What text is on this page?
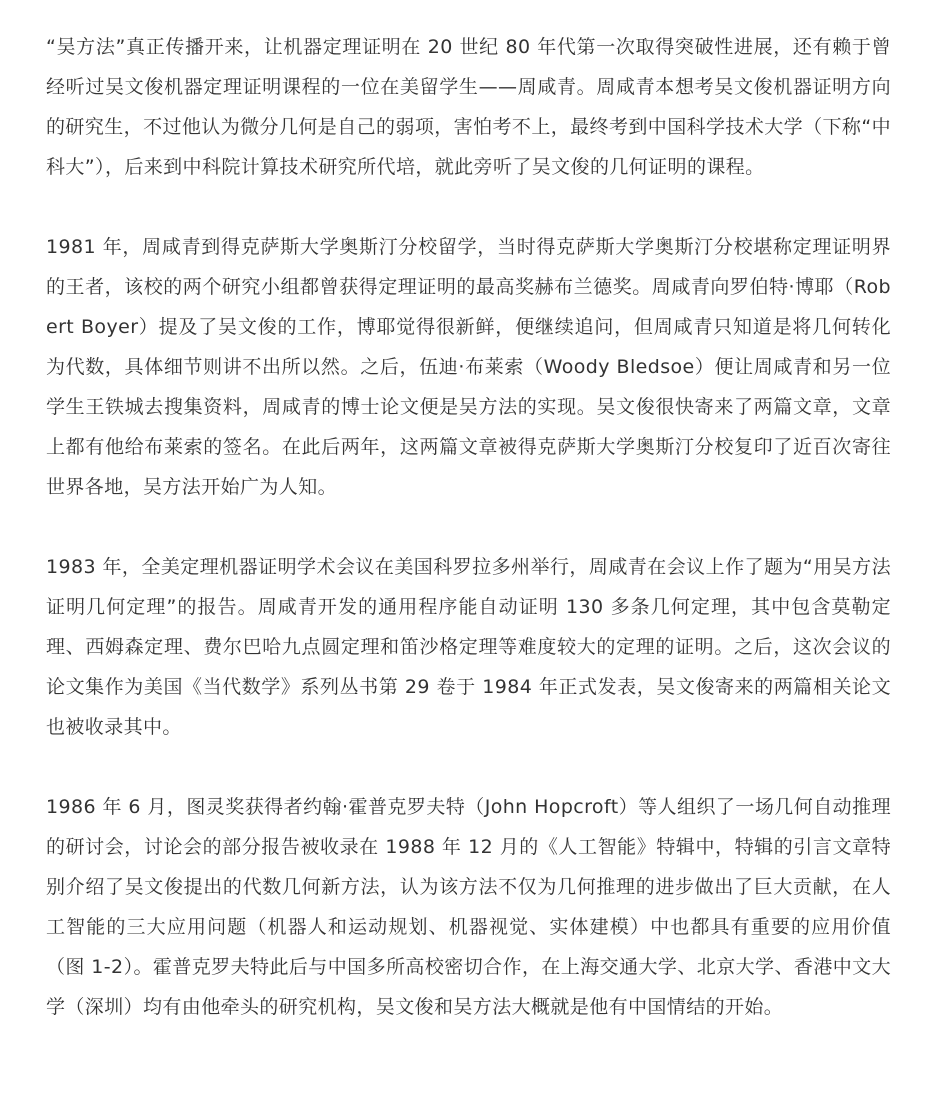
“吴方法”真正传播开来，让机器定理证明在 20 世纪 80 年代第一次取得突破性进展，还有赖于曾经听过吴文俊机器定理证明课程的一位在美留学生——周咸青。周咸青本想考吴文俊机器证明方向的研究生，不过他认为微分几何是自己的弱项，害怕考不上，最终考到中国科学技术大学（下称“中科大”），后来到中科院计算技术研究所代培，就此旁听了吴文俊的几何证明的课程。

1981 年，周咸青到得克萨斯大学奥斯汀分校留学，当时得克萨斯大学奥斯汀分校堪称定理证明界的王者，该校的两个研究小组都曾获得定理证明的最高奖赫布兰德奖。周咸青向罗伯特·博耶（Robert Boyer）提及了吴文俊的工作，博耶觉得很新鲜，便继续追问，但周咸青只知道是将几何转化为代数，具体细节则讲不出所以然。之后，伍迪·布莱索（Woody Bledsoe）便让周咸青和另一位学生王铁城去搜集资料，周咸青的博士论文便是吴方法的实现。吴文俊很快寄来了两篇文章，文章上都有他给布莱索的签名。在此后两年，这两篇文章被得克萨斯大学奥斯汀分校复印了近百次寄往世界各地，吴方法开始广为人知。

1983 年，全美定理机器证明学术会议在美国科罗拉多州举行，周咸青在会议上作了题为“用吴方法证明几何定理”的报告。周咸青开发的通用程序能自动证明 130 多条几何定理，其中包含莫勒定理、西姆森定理、费尔巴哈九点圆定理和笛沙格定理等难度较大的定理的证明。之后，这次会议的论文集作为美国《当代数学》系列丛书第 29 卷于 1984 年正式发表，吴文俊寄来的两篇相关论文也被收录其中。

1986 年 6 月，图灵奖获得者约翰·霍普克罗夫特（John Hopcroft）等人组织了一场几何自动推理的研讨会，讨论会的部分报告被收录在 1988 年 12 月的《人工智能》特辑中，特辑的引言文章特别介绍了吴文俊提出的代数几何新方法，认为该方法不仅为几何推理的进步做出了巨大贡献，在人工智能的三大应用问题（机器人和运动规划、机器视觉、实体建模）中也都具有重要的应用价值（图 1-2）。霍普克罗夫特此后与中国多所高校密切合作，在上海交通大学、北京大学、香港中文大学（深圳）均有由他牵头的研究机构，吴文俊和吴方法大概就是他有中国情结的开始。
